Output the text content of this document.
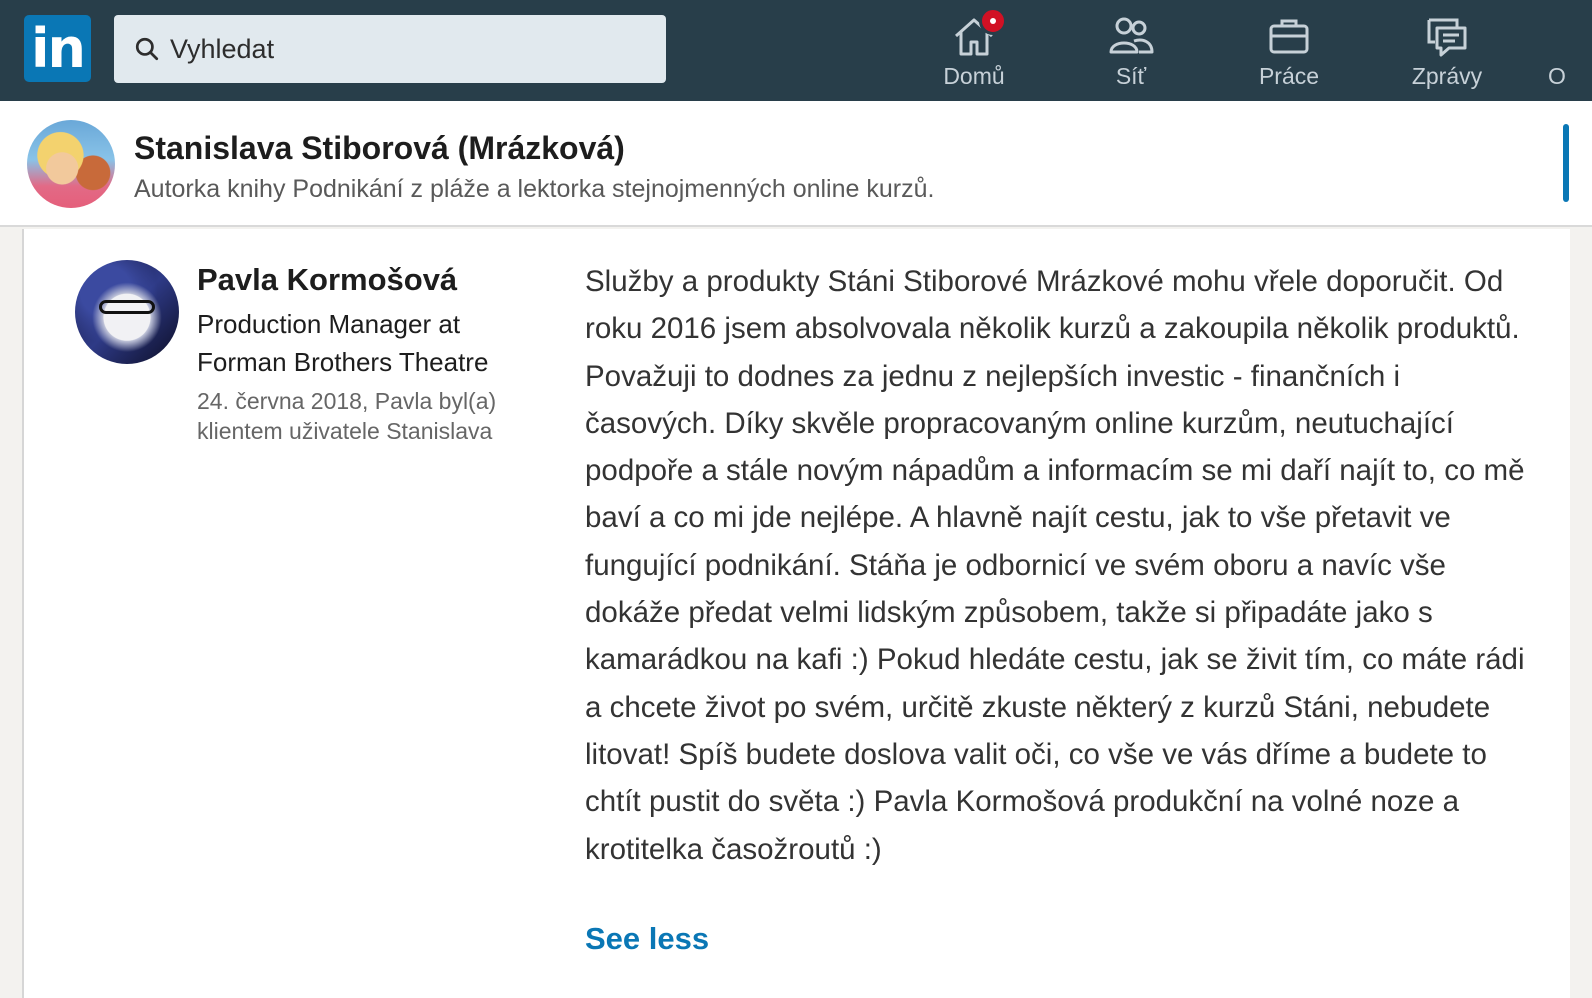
in
Vyhledat	Domů	Síť	Práce	Zprávy	O
Stanislava Stiborová (Mrázková)
Autorka knihy Podnikání z pláže a lektorka stejnojmenných online kurzů.
Pavla Kormošová
Production Manager at Forman Brothers Theatre
24. června 2018, Pavla byl(a) klientem uživatele Stanislava
Služby a produkty Stáni Stiborové Mrázkové mohu vřele doporučit. Od roku 2016 jsem absolvovala několik kurzů a zakoupila několik produktů. Považuji to dodnes za jednu z nejlepších investic - finančních i časových. Díky skvěle propracovaným online kurzům, neutuchající podpoře a stále novým nápadům a informacím se mi daří najít to, co mě baví a co mi jde nejlépe. A hlavně najít cestu, jak to vše přetavit ve fungující podnikání. Stáňa je odbornicí ve svém oboru a navíc vše dokáže předat velmi lidským způsobem, takže si připadáte jako s kamarádkou na kafi :) Pokud hledáte cestu, jak se živit tím, co máte rádi a chcete život po svém, určitě zkuste některý z kurzů Stáni, nebudete litovat! Spíš budete doslova valit oči, co vše ve vás dříme a budete to chtít pustit do světa :) Pavla Kormošová produkční na volné noze a krotitelka časožroutů :)
See less
